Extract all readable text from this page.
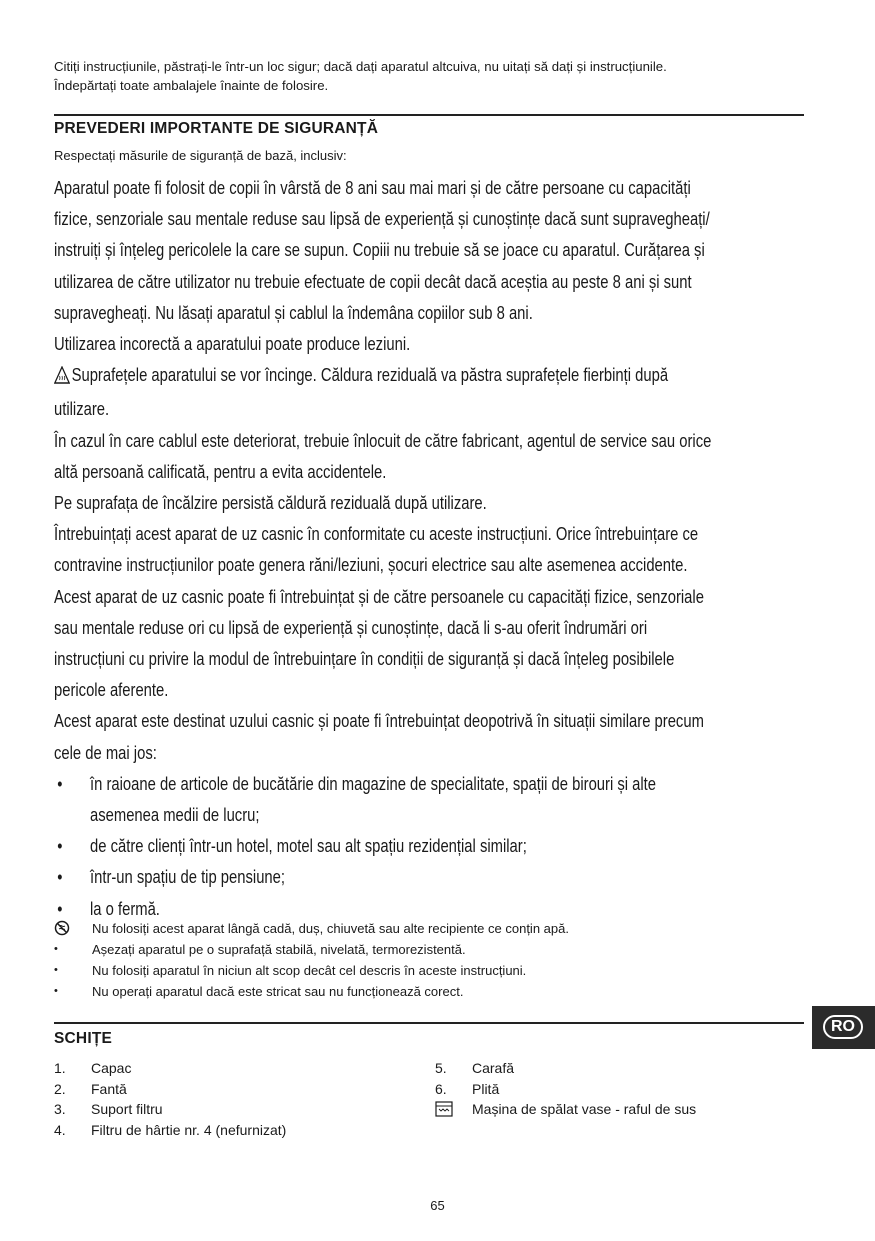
Citiți instrucțiunile, păstrați-le într-un loc sigur; dacă dați aparatul altcuiva, nu uitați să dați și instrucțiunile.
Îndepărtați toate ambalajele înainte de folosire.
PREVEDERI IMPORTANTE DE SIGURANȚĂ
Respectați măsurile de siguranță de bază, inclusiv:
Aparatul poate fi folosit de copii în vârstă de 8 ani sau mai mari și de către persoane cu capacități
fizice, senzoriale sau mentale reduse sau lipsă de experiență și cunoștințe dacă sunt supravegheați/
instruiți și înțeleg pericolele la care se supun. Copiii nu trebuie să se joace cu aparatul. Curățarea și
utilizarea de către utilizator nu trebuie efectuate de copii decât dacă aceștia au peste 8 ani și sunt
supravegheați. Nu lăsați aparatul și cablul la îndemâna copiilor sub 8 ani.
Utilizarea incorectă a aparatului poate produce leziuni.
Suprafețele aparatului se vor încinge. Căldura reziduală va păstra suprafețele fierbinți după
utilizare.
În cazul în care cablul este deteriorat, trebuie înlocuit de către fabricant, agentul de service sau orice
altă persoană calificată, pentru a evita accidentele.
Pe suprafața de încălzire persistă căldură reziduală după utilizare.
Întrebuințați acest aparat de uz casnic în conformitate cu aceste instrucțiuni. Orice întrebuințare ce
contravine instrucțiunilor poate genera răni/leziuni, șocuri electrice sau alte asemenea accidente.
Acest aparat de uz casnic poate fi întrebuințat și de către persoanele cu capacități fizice, senzoriale
sau mentale reduse ori cu lipsă de experiență și cunoștințe, dacă li s-au oferit îndrumări ori
instrucțiuni cu privire la modul de întrebuințare în condiții de siguranță și dacă înțeleg posibilele
pericole aferente.
Acest aparat este destinat uzului casnic și poate fi întrebuințat deopotrivă în situații similare precum
cele de mai jos:
• în raioane de articole de bucătărie din magazine de specialitate, spații de birouri și alte
asemenea medii de lucru;
• de către clienți într-un hotel, motel sau alt spațiu rezidențial similar;
• într-un spațiu de tip pensiune;
• la o fermă.
Nu folosiți acest aparat lângă cadă, duș, chiuvetă sau alte recipiente ce conțin apă.
•	Așezați aparatul pe o suprafață stabilă, nivelată, termorezistentă.
•	Nu folosiți aparatul în niciun alt scop decât cel descris în aceste instrucțiuni.
•	Nu operați aparatul dacă este stricat sau nu funcționează corect.
RO
SCHIȚE
1. Capac
2. Fantă
3. Suport filtru
4. Filtru de hârtie nr. 4 (nefurnizat)
5. Carafă
6. Plită
Mașina de spălat vase - raful de sus
65
